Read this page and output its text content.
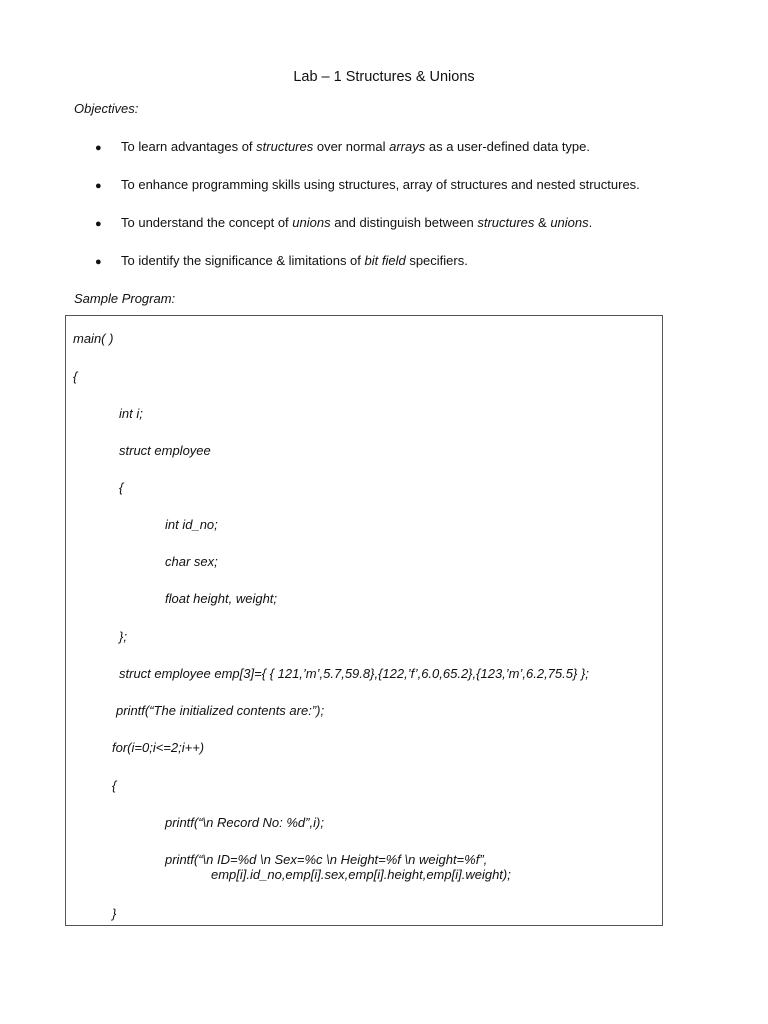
Lab – 1 Structures & Unions
Objectives:
● To learn advantages of structures over normal arrays as a user-defined data type.
● To enhance programming skills using structures, array of structures and nested structures.
● To understand the concept of unions and distinguish between structures & unions.
● To identify the significance & limitations of bit field specifiers.
Sample Program:
main( )
{
int i;
struct employee
{
int id_no;
char sex;
float height, weight;
};
struct employee emp[3]={ { 121,’m’,5.7,59.8},{122,’f’,6.0,65.2},{123,’m’,6.2,75.5} };
printf(“The initialized contents are:”);
for(i=0;i<=2;i++)
{
printf(“\n Record No: %d”,i);
printf(“\n ID=%d \n Sex=%c \n Height=%f \n weight=%f”,
emp[i].id_no,emp[i].sex,emp[i].height,emp[i].weight);
}
